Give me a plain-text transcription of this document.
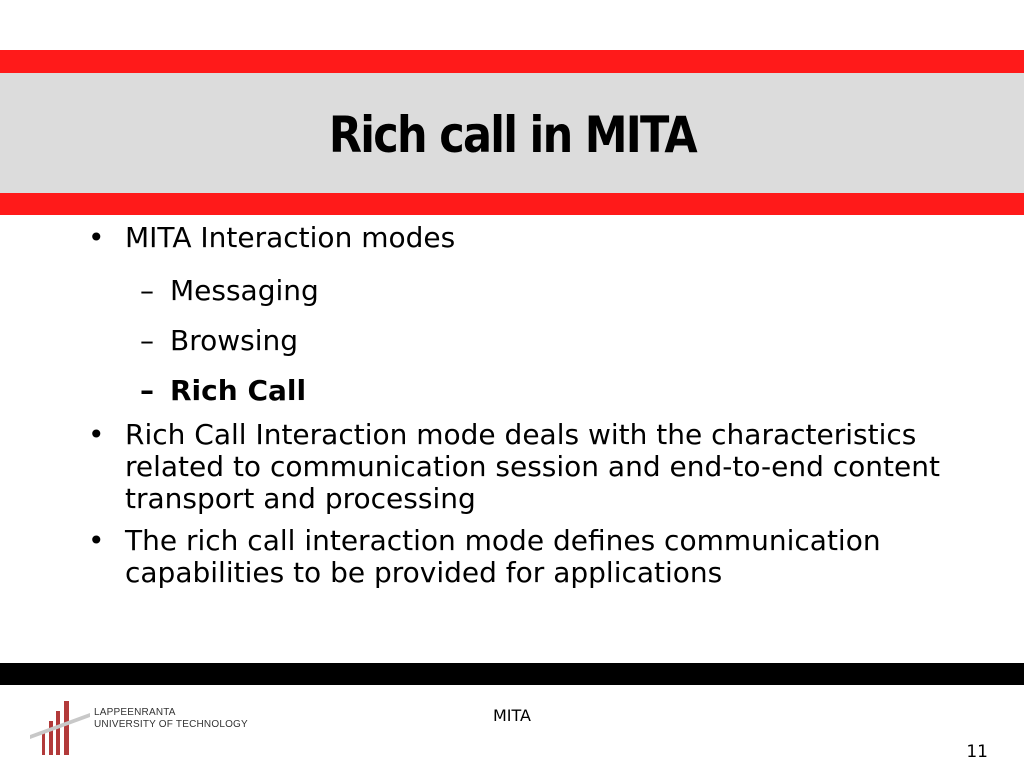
Rich call in MITA
• MITA Interaction modes
– Messaging
– Browsing
– Rich Call
• Rich Call Interaction mode deals with the characteristics related to communication session and end-to-end content transport and processing
• The rich call interaction mode defines communication capabilities to be provided for applications
LAPPEENRANTA
UNIVERSITY OF TECHNOLOGY	MITA
11
